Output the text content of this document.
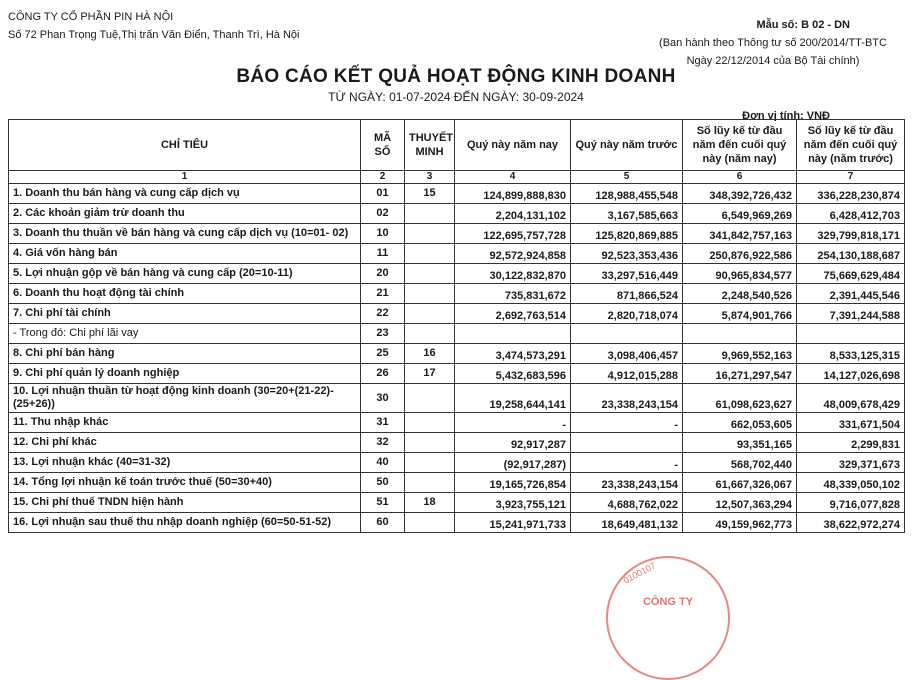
CÔNG TY CỔ PHẦN PIN HÀ NỘI
Số 72 Phan Trọng Tuệ,Thị trấn Văn Điển, Thanh Trì, Hà Nội
Mẫu số: B 02 - DN
(Ban hành theo Thông tư số 200/2014/TT-BTC
Ngày 22/12/2014 của Bộ Tài chính)
BÁO CÁO KẾT QUẢ HOẠT ĐỘNG KINH DOANH
TỪ NGÀY: 01-07-2024 ĐẾN NGÀY: 30-09-2024
Đơn vị tính: VNĐ
CHỈ TIÊU	MÃ SỐ	THUYẾT MINH	Quý này năm nay	Quý này năm trước	Số lũy kế từ đầu năm đến cuối quý này (năm nay)	Số lũy kế từ đầu năm đến cuối quý này (năm trước)
1	2	3	4	5	6	7
1. Doanh thu bán hàng và cung cấp dịch vụ	01	15	124,899,888,830	128,988,455,548	348,392,726,432	336,228,230,874
2. Các khoản giảm trừ doanh thu	02		2,204,131,102	3,167,585,663	6,549,969,269	6,428,412,703
3. Doanh thu thuần về bán hàng và cung cấp dịch vụ (10=01- 02)	10		122,695,757,728	125,820,869,885	341,842,757,163	329,799,818,171
4. Giá vốn hàng bán	11		92,572,924,858	92,523,353,436	250,876,922,586	254,130,188,687
5. Lợi nhuận gộp về bán hàng và cung cấp (20=10-11)	20		30,122,832,870	33,297,516,449	90,965,834,577	75,669,629,484
6. Doanh thu hoạt động tài chính	21		735,831,672	871,866,524	2,248,540,526	2,391,445,546
7. Chi phí tài chính	22		2,692,763,514	2,820,718,074	5,874,901,766	7,391,244,588
- Trong đó: Chi phí lãi vay	23					
8. Chi phí bán hàng	25	16	3,474,573,291	3,098,406,457	9,969,552,163	8,533,125,315
9. Chi phí quản lý doanh nghiệp	26	17	5,432,683,596	4,912,015,288	16,271,297,547	14,127,026,698
10. Lợi nhuận thuần từ hoạt động kinh doanh (30=20+(21-22)-(25+26))	30		19,258,644,141	23,338,243,154	61,098,623,627	48,009,678,429
11. Thu nhập khác	31		-	-	662,053,605	331,671,504
12. Chi phí khác	32		92,917,287		93,351,165	2,299,831
13. Lợi nhuận khác (40=31-32)	40		(92,917,287)	-	568,702,440	329,371,673
14. Tổng lợi nhuận kế toán trước thuế (50=30+40)	50		19,165,726,854	23,338,243,154	61,667,326,067	48,339,050,102
15. Chi phí thuế TNDN hiện hành	51	18	3,923,755,121	4,688,762,022	12,507,363,294	9,716,077,828
16. Lợi nhuận sau thuế thu nhập doanh nghiệp (60=50-51-52)	60		15,241,971,733	18,649,481,132	49,159,962,773	38,622,972,274
0100107
CÔNG TY
